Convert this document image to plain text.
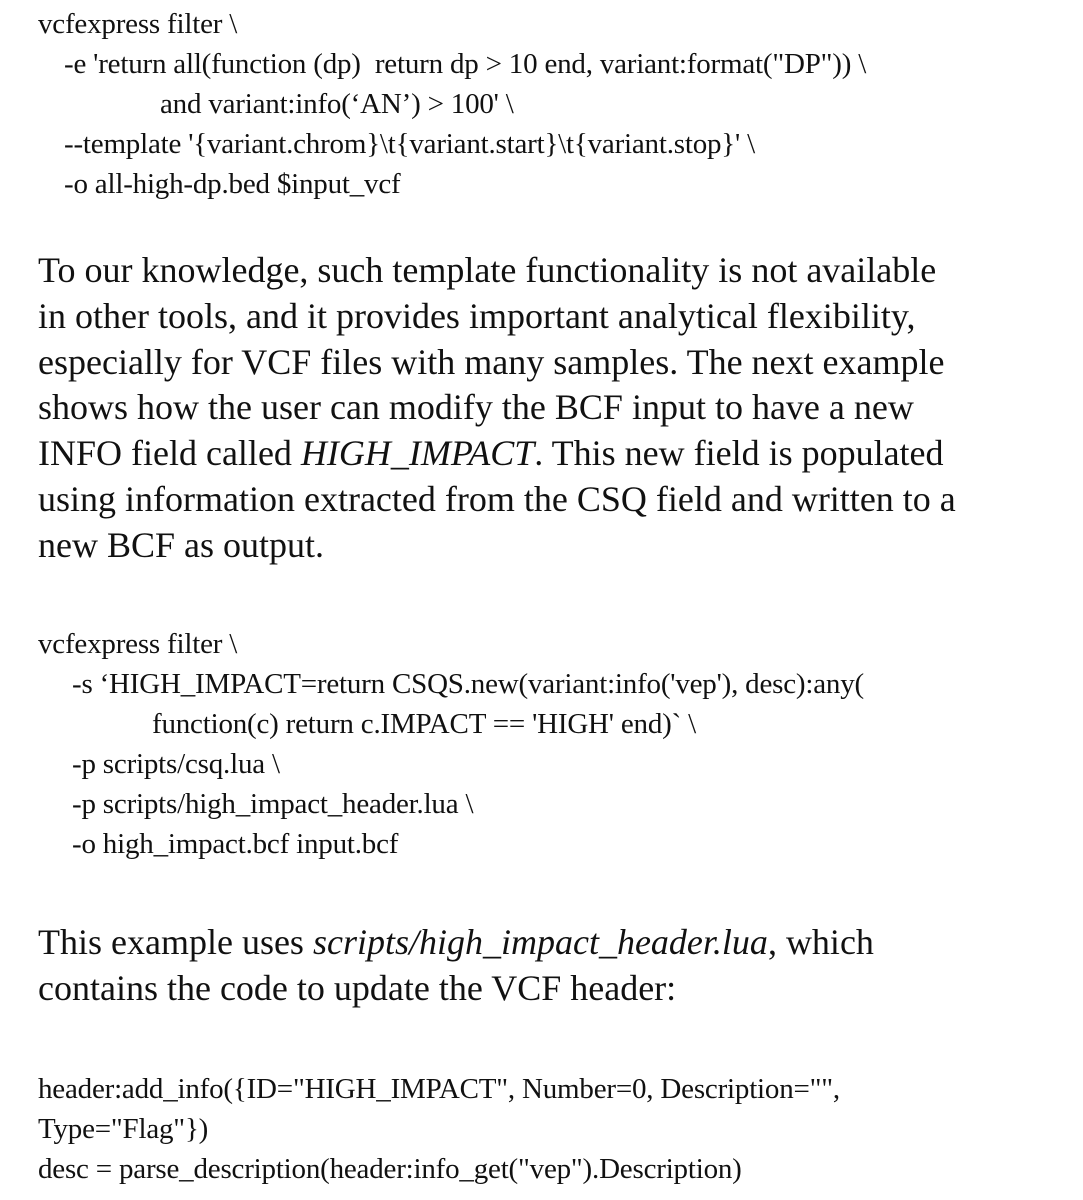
vcfexpress filter \
-e 'return all(function (dp)  return dp > 10 end, variant:format("DP")) \
and variant:info(‘AN’) > 100' \
--template '{variant.chrom}\t{variant.start}\t{variant.stop}' \
-o all-high-dp.bed $input_vcf
To our knowledge, such template functionality is not available
in other tools, and it provides important analytical flexibility,
especially for VCF files with many samples. The next example
shows how the user can modify the BCF input to have a new
INFO field called HIGH_IMPACT. This new field is populated
using information extracted from the CSQ field and written to a
new BCF as output.
vcfexpress filter \
-s ‘HIGH_IMPACT=return CSQS.new(variant:info('vep'), desc):any(
function(c) return c.IMPACT == 'HIGH' end)` \
-p scripts/csq.lua \
-p scripts/high_impact_header.lua \
-o high_impact.bcf input.bcf
This example uses scripts/high_impact_header.lua, which
contains the code to update the VCF header:
header:add_info({ID="HIGH_IMPACT", Number=0, Description="",
Type="Flag"})
desc = parse_description(header:info_get("vep").Description)
